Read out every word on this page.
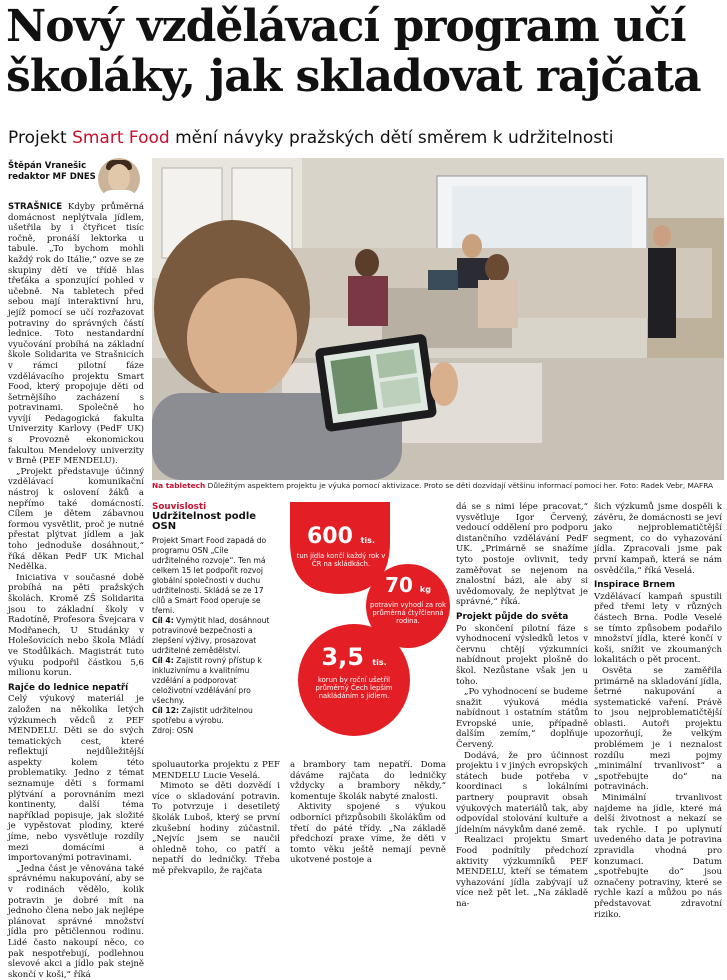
Nový vzdělávací program učí
školáky, jak skladovat rajčata

Projekt Smart Food mění návyky pražských dětí směrem k udržitelnosti

Štěpán Vranešic
redaktor MF DNES

STRAŠNICE Kdyby průměrná domácnost neplýtvala jídlem, ušetřila by i čtyřicet tisíc ročně, pronáší lektorka u tabule. „To bychom mohli každý rok do Itálie,“ ozve se ze skupiny dětí ve třídě hlas třeťáka a sponzující pohled v učebně. Na tabletech před sebou mají interaktivní hru, jejíž pomocí se učí rozřazovat potraviny do správných částí lednice. Toto nestandardní vyučování probíhá na základní škole Solidarita ve Strašnicích v rámci pilotní fáze vzdělávacího projektu Smart Food, který propojuje děti od šetrnějšího zacházení s potravinami. Společně ho vyvíjí Pedagogická fakulta Univerzity Karlovy (PedF UK) s Provozně ekonomickou fakultou Mendelovy univerzity v Brně (PEF MENDELU).

„Projekt představuje účinný vzdělávací komunikační nástroj k oslovení žáků a nepřímo také domácností. Cílem je dětem zábavnou formou vysvětlit, proč je nutné přestat plýtvat jídlem a jak toho jednoduše dosáhnout,“ říká děkan PedF UK Michal Nedělka.

Iniciativa v současné době probíhá na pěti pražských školách. Kromě ZŠ Solidarita jsou to základní školy v Radotíně, Profesora Švejcara v Modřanech, U Studánky v Holešovicích nebo škola Mládí ve Stodůlkách. Magistrát tuto výuku podpořil částkou 5,6 milionu korun.

Rajče do lednice nepatří

Celý výukový materiál je založen na několika letých výzkumech vědců z PEF MENDELU. Děti se do svých tematických cest, které reflektují nejdůležitější aspekty kolem této problematiky. Jedno z témat seznamuje děti s formami plýtvání a porovnáním mezi kontinenty, další téma například popisuje, jak složité je vypěstovat plodiny, které jíme, nebo vysvětluje rozdíly mezi domácími a importovanými potravinami.

„Jedna část je věnována také správnému nakupování, aby se v rodinách vědělo, kolik potravin je dobré mít na jednoho člena nebo jak nejlépe plánovat správné množství jídla pro pětičlennou rodinu. Lidé často nakoupí něco, co pak nespotřebují, podlehnou slevové akci a jídlo pak stejně skončí v koši,“ říká

Na tabletech Důležitým aspektem projektu je výuka pomocí aktivizace. Proto se děti dozvídají většinu informací pomocí her. Foto: Radek Vebr, MAFRA
Souvislosti
Udržitelnost podle OSN

Projekt Smart Food zapadá do programu OSN „Cíle udržitelného rozvoje“. Ten má celkem 15 let podpořit rozvoj globální společnosti v duchu udržitelnosti. Skládá se ze 17 cílů a Smart Food operuje se třemi.

Cíl 4: Vymýtit hlad, dosáhnout potravinové bezpečnosti a zlepšení výživy, prosazovat udržitelné zemědělství.

Cíl 4: Zajistit rovný přístup k inkluzivnímu a kvalitnímu vzdělání a podporovat celoživotní vzdělávání pro všechny.

Cíl 12: Zajistit udržitelnou spotřebu a výrobu.

Zdroj: OSN

600 tis.
tun jídla končí každý rok v ČR na skládkách.
70 kg
potravin vyhodí za rok průměrná čtyřčlenná rodina.
3,5 tis.
korun by roční ušetřil průměrný Čech lepším nakládáním s jídlem.

spoluautorka projektu z PEF MENDELU Lucie Veselá.

Mimoto se děti dozvědí i více o skladování potravin. To potvrzuje i desetiletý školák Luboš, který se první zkušební hodiny zúčastnil. „Nejvíc jsem se naučil ohledně toho, co patří a nepatří do ledničky. Třeba mě překvapilo, že rajčata

a brambory tam nepatří. Doma dáváme rajčata do ledničky vždycky a brambory někdy,“ komentuje školák nabyté znalosti.

Aktivity spojené s výukou odborníci přizpůsobili školákům od třetí do páté třídy. „Na základě předchozí praxe víme, že děti v tomto věku ještě nemají pevně ukotvené postoje a

dá se s nimi lépe pracovat,“ vysvětluje Igor Červený, vedoucí oddělení pro podporu distančního vzdělávání PedF UK. „Primárně se snažíme tyto postoje ovlivnit, tedy zaměřovat se nejenom na znalostní bázi, ale aby si uvědomovaly, že neplýtvat je správné,“ říká.

Projekt půjde do světa

Po skončení pilotní fáze s vyhodnocení výsledků letos v červnu chtějí výzkumníci nabídnout projekt plošně do škol. Nezůstane však jen u toho.

„Po vyhodnocení se budeme snažit výuková média nabídnout i ostatním státům Evropské unie, případně dalším zemím,“ doplňuje Červený.

Dodává, že pro účinnost projektu i v jiných evropských státech bude potřeba v koordinaci s lokálními partnery poupravit obsah výukových materiálů tak, aby odpovídal stolování kultuře a jídelním návykům dané země.

Realizaci projektu Smart Food podnítily předchozí aktivity výzkumníků PEF MENDELU, kteří se tématem vyhazování jídla zabývají už více než pět let. „Na základě na-

šich výzkumů jsme dospěli k závěru, že domácnosti se jeví jako nejproblematičtější segment, co do vyhazování jídla. Zpracovali jsme pak první kampaň, která se nám osvědčila,“ říká Veselá.

Inspirace Brnem

Vzdělávací kampaň spustili před třemi lety v různých částech Brna. Podle Veselé se tímto způsobem podařilo množství jídla, které končí v koši, snížit ve zkoumaných lokalitách o pět procent.

Osvěta se zaměřila primárně na skladování jídla, šetrné nakupování a systematické vaření. Právě to jsou nejproblematičtější oblasti. Autoři projektu upozorňují, že velkým problémem je i neznalost rozdílu mezi pojmy „minimální trvanlivost“ a „spotřebujte do“ na potravinách.

Minimální trvanlivost najdeme na jídle, které má delší životnost a nekazí se tak rychle. I po uplynutí uvedeného data je potravina zpravidla vhodná pro konzumaci. Datum „spotřebujte do“ jsou označeny potraviny, které se rychle kazí a můžou po nás představovat zdravotní riziko.
